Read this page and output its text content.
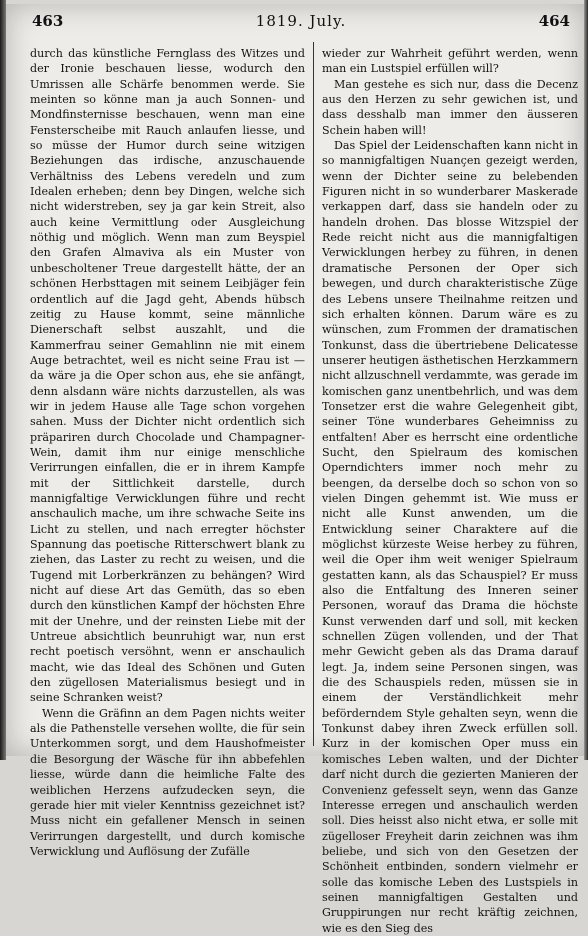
463	1819. July.	464

durch das künstliche Fernglass des Witzes und der Ironie beschauen liesse, wodurch den Umrissen alle Schärfe benommen werde. Sie meinten so könne man ja auch Sonnen- und Mondfinsternisse beschauen, wenn man eine Fensterscheibe mit Rauch anlaufen liesse, und so müsse der Humor durch seine witzigen Beziehungen das irdische, anzuschauende Verhältniss des Lebens veredeln und zum Idealen erheben; denn bey Dingen, welche sich nicht widerstreben, sey ja gar kein Streit, also auch keine Vermittlung oder Ausgleichung nöthig und möglich. Wenn man zum Beyspiel den Grafen Almaviva als ein Muster von unbescholtener Treue dargestellt hätte, der an schönen Herbsttagen mit seinem Leibjäger fein ordentlich auf die Jagd geht, Abends hübsch zeitig zu Hause kommt, seine männliche Dienerschaft selbst auszahlt, und die Kammerfrau seiner Gemahlinn nie mit einem Auge betrachtet, weil es nicht seine Frau ist — da wäre ja die Oper schon aus, ehe sie anfängt, denn alsdann wäre nichts darzustellen, als was wir in jedem Hause alle Tage schon vorgehen sahen. Muss der Dichter nicht ordentlich sich präpariren durch Chocolade und Champagner-Wein, damit ihm nur einige menschliche Verirrungen einfallen, die er in ihrem Kampfe mit der Sittlichkeit darstelle, durch mannigfaltige Verwicklungen führe und recht anschaulich mache, um ihre schwache Seite ins Licht zu stellen, und nach erregter höchster Spannung das poetische Ritterschwert blank zu ziehen, das Laster zu recht zu weisen, und die Tugend mit Lorberkränzen zu behängen? Wird nicht auf diese Art das Gemüth, das so eben durch den künstlichen Kampf der höchsten Ehre mit der Unehre, und der reinsten Liebe mit der Untreue absichtlich beunruhigt war, nun erst recht poetisch versöhnt, wenn er anschaulich macht, wie das Ideal des Schönen und Guten den zügellosen Materialismus besiegt und in seine Schranken weist?

Wenn die Gräfinn an dem Pagen nichts weiter als die Pathenstelle versehen wollte, die für sein Unterkommen sorgt, und dem Haushofmeister die Besorgung der Wäsche für ihn abbefehlen liesse, würde dann die heimliche Falte des weiblichen Herzens aufzudecken seyn, die gerade hier mit vieler Kenntniss gezeichnet ist? Muss nicht ein gefallener Mensch in seinen Verirrungen dargestellt, und durch komische Verwicklung und Auflösung der Zufälle

wieder zur Wahrheit geführt werden, wenn man ein Lustspiel erfüllen will?

Man gestehe es sich nur, dass die Decenz aus den Herzen zu sehr gewichen ist, und dass desshalb man immer den äusseren Schein haben will!

Das Spiel der Leidenschaften kann nicht in so mannigfaltigen Nuançen gezeigt werden, wenn der Dichter seine zu belebenden Figuren nicht in so wunderbarer Maskerade verkappen darf, dass sie handeln oder zu handeln drohen. Das blosse Witzspiel der Rede reicht nicht aus die mannigfaltigen Verwicklungen herbey zu führen, in denen dramatische Personen der Oper sich bewegen, und durch charakteristische Züge des Lebens unsere Theilnahme reitzen und sich erhalten können. Darum wäre es zu wünschen, zum Frommen der dramatischen Tonkunst, dass die übertriebene Delicatesse unserer heutigen ästhetischen Herzkammern nicht allzuschnell verdammte, was gerade im komischen ganz unentbehrlich, und was dem Tonsetzer erst die wahre Gelegenheit gibt, seiner Töne wunderbares Geheimniss zu entfalten! Aber es herrscht eine ordentliche Sucht, den Spielraum des komischen Operndichters immer noch mehr zu beengen, da derselbe doch so schon von so vielen Dingen gehemmt ist. Wie muss er nicht alle Kunst anwenden, um die Entwicklung seiner Charaktere auf die möglichst kürzeste Weise herbey zu führen, weil die Oper ihm weit weniger Spielraum gestatten kann, als das Schauspiel? Er muss also die Entfaltung des Inneren seiner Personen, worauf das Drama die höchste Kunst verwenden darf und soll, mit kecken schnellen Zügen vollenden, und der That mehr Gewicht geben als das Drama darauf legt. Ja, indem seine Personen singen, was die des Schauspiels reden, müssen sie in einem der Verständlichkeit mehr beförderndem Style gehalten seyn, wenn die Tonkunst dabey ihren Zweck erfüllen soll. Kurz in der komischen Oper muss ein komisches Leben walten, und der Dichter darf nicht durch die gezierten Manieren der Convenienz gefesselt seyn, wenn das Ganze Interesse erregen und anschaulich werden soll. Dies heisst also nicht etwa, er solle mit zügelloser Freyheit darin zeichnen was ihm beliebe, und sich von den Gesetzen der Schönheit entbinden, sondern vielmehr er solle das komische Leben des Lustspiels in seinen mannigfaltigen Gestalten und Gruppirungen nur recht kräftig zeichnen, wie es den Sieg des
